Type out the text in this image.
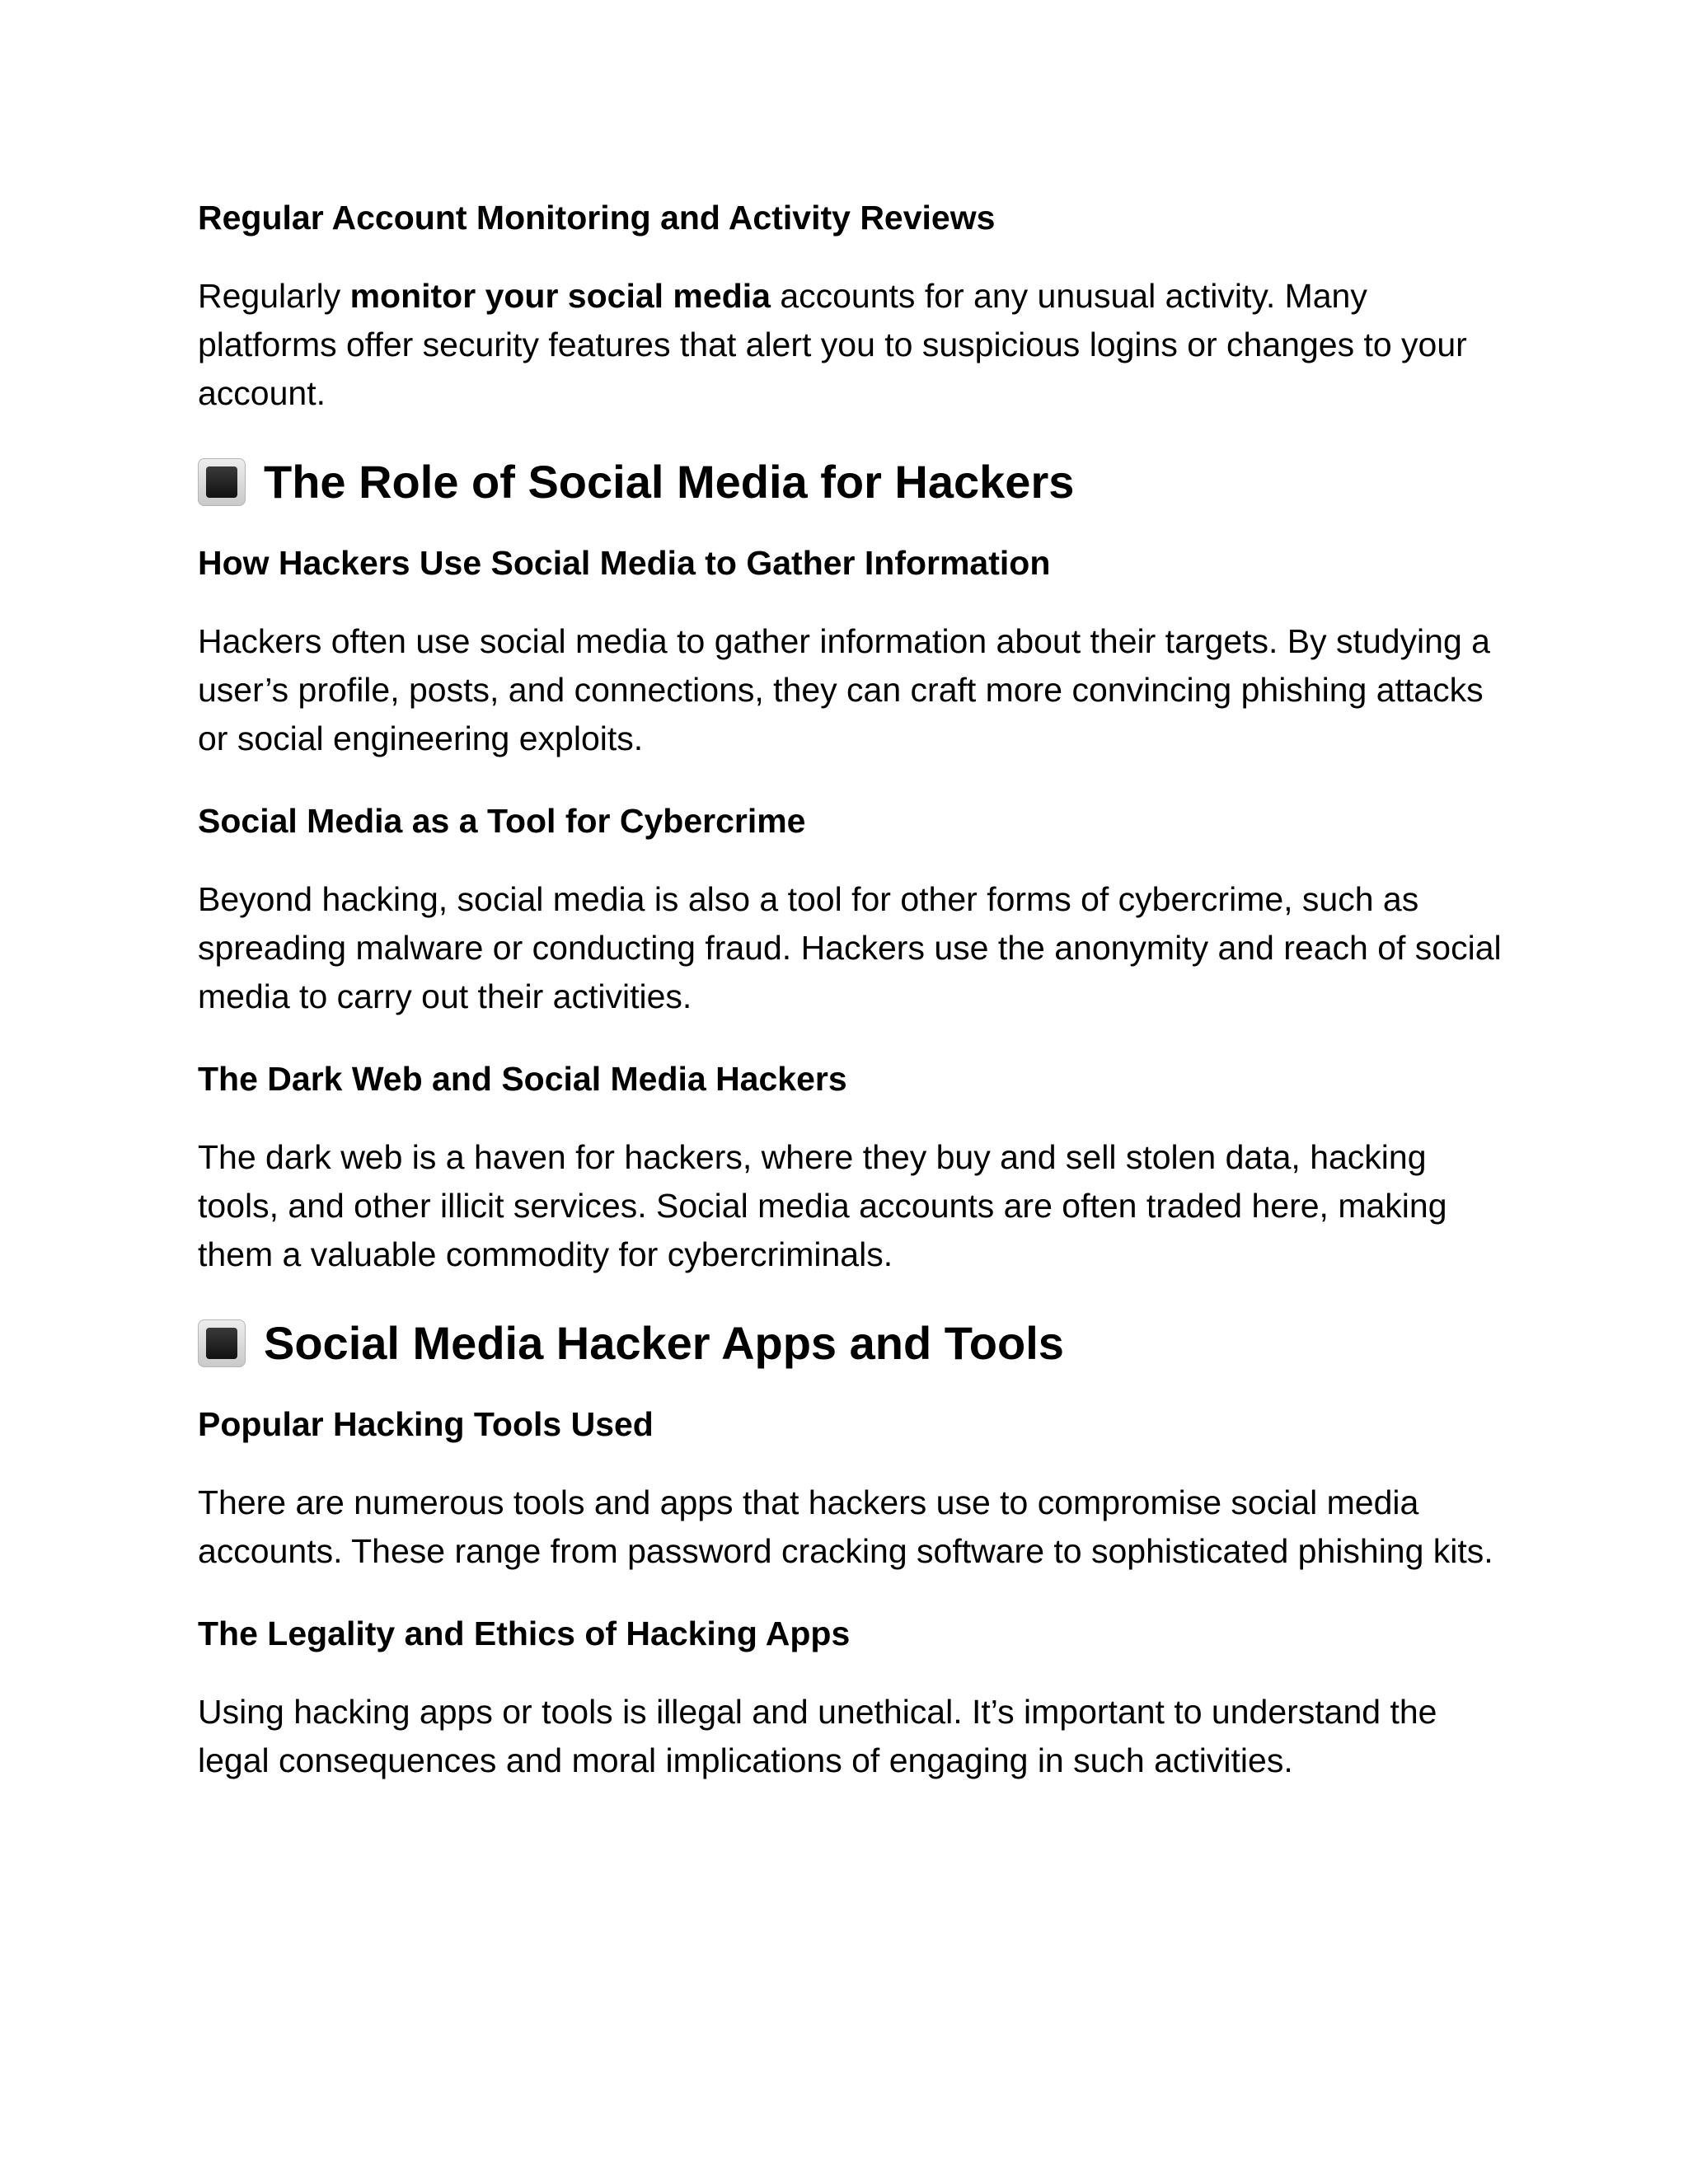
Regular Account Monitoring and Activity Reviews

Regularly monitor your social media accounts for any unusual activity. Many platforms offer security features that alert you to suspicious logins or changes to your account.

The Role of Social Media for Hackers
How Hackers Use Social Media to Gather Information

Hackers often use social media to gather information about their targets. By studying a user’s profile, posts, and connections, they can craft more convincing phishing attacks or social engineering exploits.

Social Media as a Tool for Cybercrime

Beyond hacking, social media is also a tool for other forms of cybercrime, such as spreading malware or conducting fraud. Hackers use the anonymity and reach of social media to carry out their activities.

The Dark Web and Social Media Hackers

The dark web is a haven for hackers, where they buy and sell stolen data, hacking tools, and other illicit services. Social media accounts are often traded here, making them a valuable commodity for cybercriminals.

Social Media Hacker Apps and Tools
Popular Hacking Tools Used

There are numerous tools and apps that hackers use to compromise social media accounts. These range from password cracking software to sophisticated phishing kits.

The Legality and Ethics of Hacking Apps

Using hacking apps or tools is illegal and unethical. It’s important to understand the legal consequences and moral implications of engaging in such activities.
